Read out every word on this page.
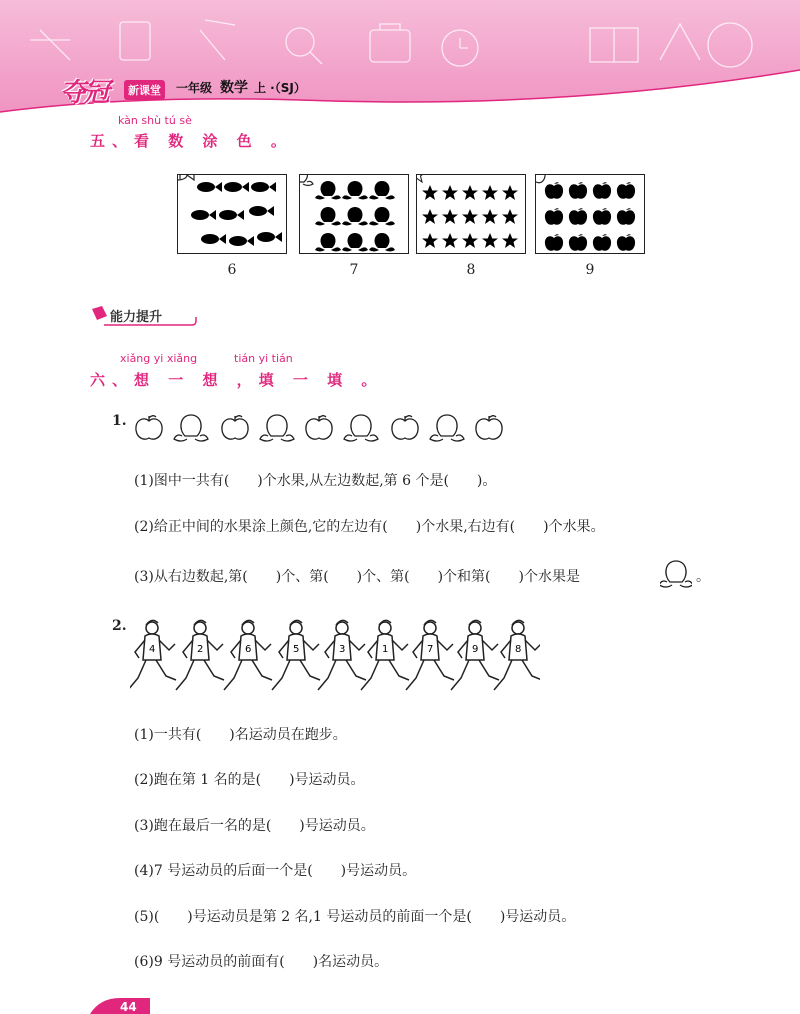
夺冠	新课堂	一年级 数学 上 ·（SJ）
kàn shù tú sè
五、看 数 涂 色 。
6	7	8	9
能力提升
xiǎng yi xiǎng	tián yi tián
六、想 一 想 ，填 一 填 。
1.
(1)图中一共有(　　)个水果,从左边数起,第 6 个是(　　)。
(2)给正中间的水果涂上颜色,它的左边有(　　)个水果,右边有(　　)个水果。
(3)从右边数起,第(　　)个、第(　　)个、第(　　)个和第(　　)个水果是	。
2.
4	2	6	5	3	1	7	9	8
(1)一共有(　　)名运动员在跑步。
(2)跑在第 1 名的是(　　)号运动员。
(3)跑在最后一名的是(　　)号运动员。
(4)7 号运动员的后面一个是(　　)号运动员。
(5)(　　)号运动员是第 2 名,1 号运动员的前面一个是(　　)号运动员。
(6)9 号运动员的前面有(　　)名运动员。
44
